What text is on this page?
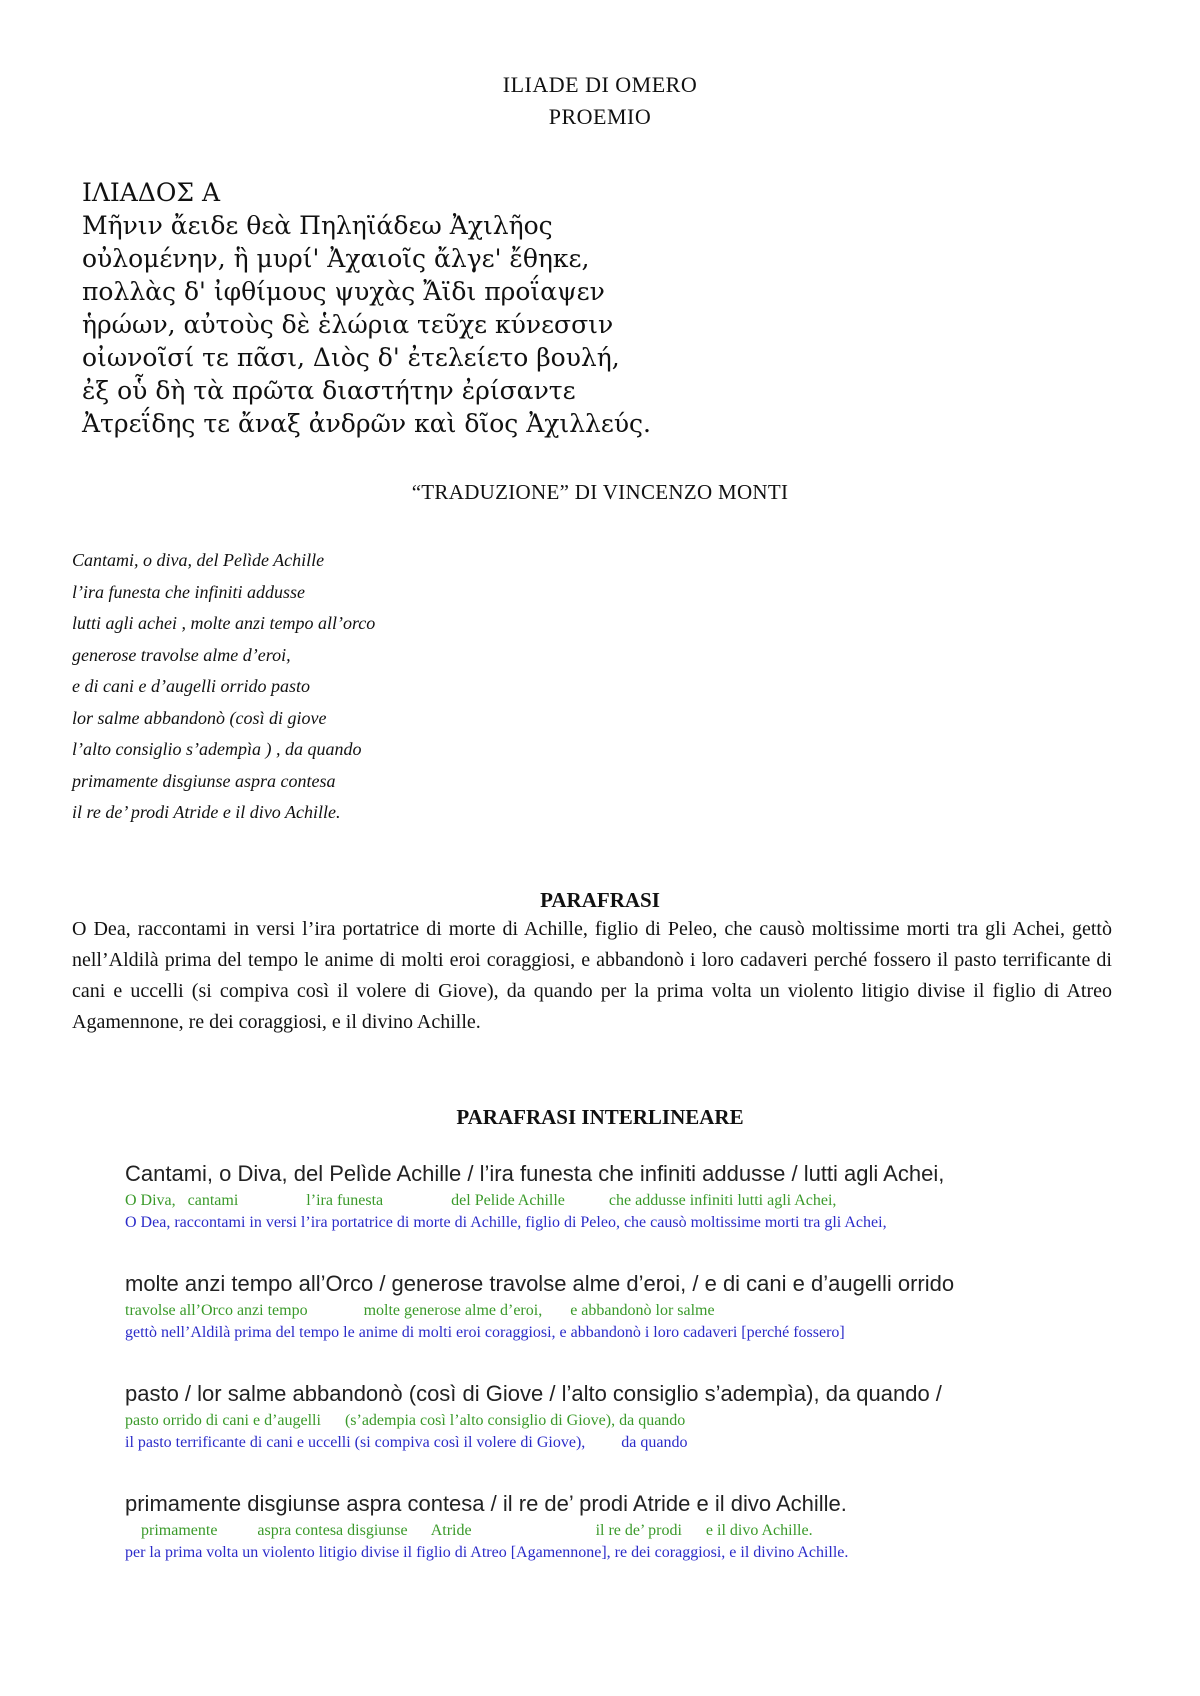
ILIADE DI OMERO
PROEMIO
ΙΛΙΑΔΟΣ Α
Μῆνιν ἄειδε θεὰ Πηληϊάδεω Ἀχιλῆος
οὐλομένην, ἣ μυρί' Ἀχαιοῖς ἄλγε' ἔθηκε,
πολλὰς δ' ἰφθίμους ψυχὰς Ἄϊδι προΐαψεν
ἡρώων, αὐτοὺς δὲ ἑλώρια τεῦχε κύνεσσιν
οἰωνοῖσί τε πᾶσι, Διὸς δ' ἐτελείετο βουλή,
ἐξ οὗ δὴ τὰ πρῶτα διαστήτην ἐρίσαντε
Ἀτρεΐδης τε ἄναξ ἀνδρῶν καὶ δῖος Ἀχιλλεύς.
“TRADUZIONE” DI VINCENZO MONTI
Cantami, o diva, del Pelìde Achille
l’ira funesta che infiniti addusse
lutti agli achei , molte anzi tempo all’orco
generose travolse alme d’eroi,
e di cani e d’augelli orrido pasto
lor salme abbandonò (così di giove
l’alto consiglio s’adempìa ) , da quando
primamente disgiunse aspra contesa
il re de’ prodi Atride e il divo Achille.
PARAFRASI
O Dea, raccontami in versi l’ira portatrice di morte di Achille, figlio di Peleo, che causò moltissime morti tra gli Achei, gettò nell’Aldilà prima del tempo le anime di molti eroi coraggiosi, e abbandonò i loro cadaveri perché fossero il pasto terrificante di cani e uccelli (si compiva così il volere di Giove), da quando per la prima volta un violento litigio divise il figlio di Atreo Agamennone, re dei coraggiosi, e il divino Achille.
PARAFRASI INTERLINEARE
Cantami, o Diva, del Pelìde Achille / l’ira funesta che infiniti addusse / lutti agli Achei,
O Diva,   cantami                 l’ira funesta                 del Pelide Achille           che addusse infiniti lutti agli Achei,
O Dea, raccontami in versi l’ira portatrice di morte di Achille, figlio di Peleo, che causò moltissime morti tra gli Achei,
molte anzi tempo all’Orco / generose travolse alme d’eroi, / e di cani e d’augelli orrido
travolse all’Orco anzi tempo              molte generose alme d’eroi,       e abbandonò lor salme
gettò nell’Aldilà prima del tempo le anime di molti eroi coraggiosi, e abbandonò i loro cadaveri [perché fossero]
pasto / lor salme abbandonò (così di Giove / l’alto consiglio s’adempìa), da quando /
pasto orrido di cani e d’augelli      (s’adempia così l’alto consiglio di Giove), da quando
il pasto terrificante di cani e uccelli (si compiva così il volere di Giove),         da quando
primamente disgiunse aspra contesa / il re de’ prodi Atride e il divo Achille.
primamente          aspra contesa disgiunse      Atride                               il re de’ prodi      e il divo Achille.
per la prima volta un violento litigio divise il figlio di Atreo [Agamennone], re dei coraggiosi, e il divino Achille.
